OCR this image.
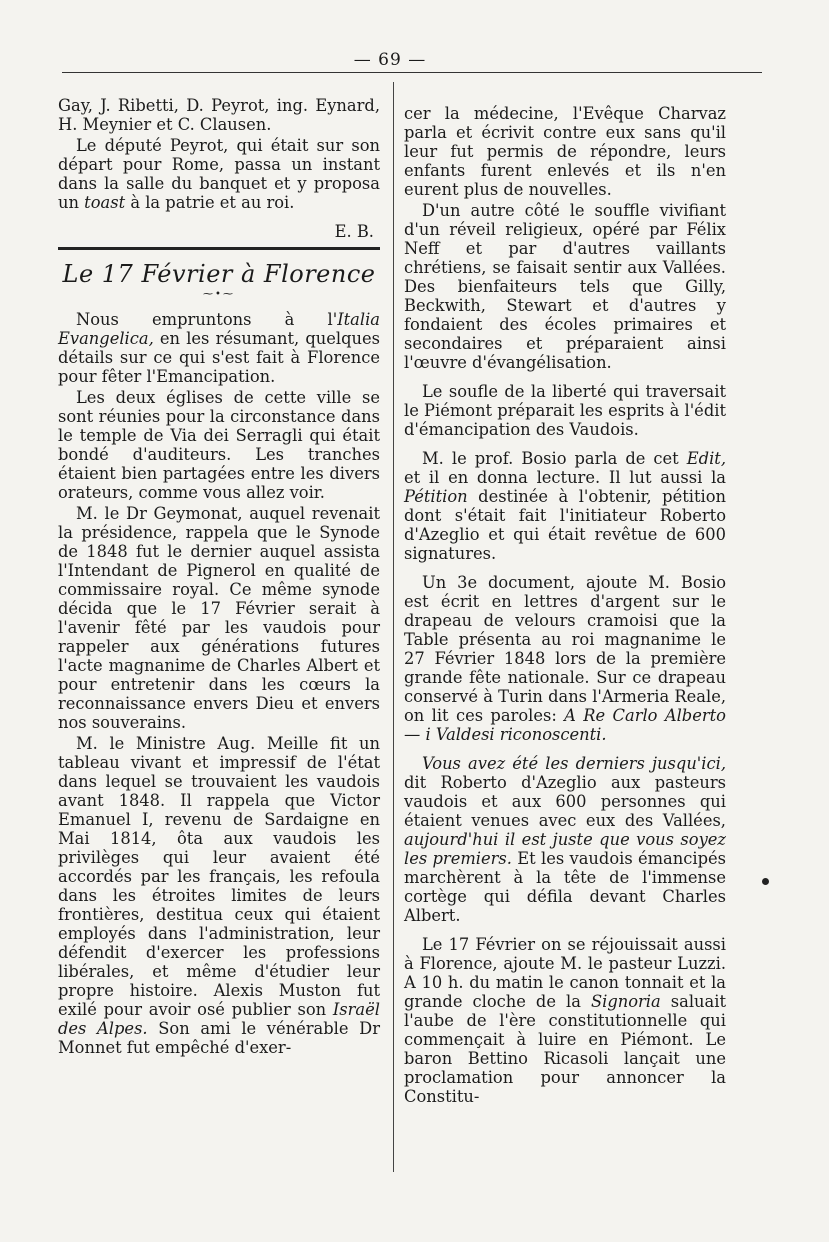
— 69 —

Gay, J. Ribetti, D. Peyrot, ing. Eynard, H. Meynier et C. Clausen.

Le député Peyrot, qui était sur son départ pour Rome, passa un instant dans la salle du banquet et y proposa un toast à la patrie et au roi.

E. B.
Le 17 Février à Florence
⁓•⁓

Nous empruntons à l'Italia Evangelica, en les résumant, quelques détails sur ce qui s'est fait à Florence pour fêter l'Emancipation.

Les deux églises de cette ville se sont réunies pour la circonstance dans le temple de Via dei Serragli qui était bondé d'auditeurs. Les tranches étaient bien partagées entre les divers orateurs, comme vous allez voir.

M. le Dr Geymonat, auquel revenait la présidence, rappela que le Synode de 1848 fut le dernier auquel assista l'Intendant de Pignerol en qualité de commissaire royal. Ce même synode décida que le 17 Février serait à l'avenir fêté par les vaudois pour rappeler aux générations futures l'acte magnanime de Charles Albert et pour entretenir dans les cœurs la reconnaissance envers Dieu et envers nos souverains.

M. le Ministre Aug. Meille fit un tableau vivant et impressif de l'état dans lequel se trouvaient les vaudois avant 1848. Il rappela que Victor Emanuel I, revenu de Sardaigne en Mai 1814, ôta aux vaudois les privilèges qui leur avaient été accordés par les français, les refoula dans les étroites limites de leurs frontières, destitua ceux qui étaient employés dans l'administration, leur défendit d'exercer les professions libérales, et même d'étudier leur propre histoire. Alexis Muston fut exilé pour avoir osé publier son Israël des Alpes. Son ami le vénérable Dr Monnet fut empêché d'exer-

cer la médecine, l'Evêque Charvaz parla et écrivit contre eux sans qu'il leur fut permis de répondre, leurs enfants furent enlevés et ils n'en eurent plus de nouvelles.

D'un autre côté le souffle vivifiant d'un réveil religieux, opéré par Félix Neff et par d'autres vaillants chrétiens, se faisait sentir aux Vallées. Des bienfaiteurs tels que Gilly, Beckwith, Stewart et d'autres y fondaient des écoles primaires et secondaires et préparaient ainsi l'œuvre d'évangélisation.

Le soufle de la liberté qui traversait le Piémont préparait les esprits à l'édit d'émancipation des Vaudois.

M. le prof. Bosio parla de cet Edit, et il en donna lecture. Il lut aussi la Pétition destinée à l'obtenir, pétition dont s'était fait l'initiateur Roberto d'Azeglio et qui était revêtue de 600 signatures.

Un 3e document, ajoute M. Bosio est écrit en lettres d'argent sur le drapeau de velours cramoisi que la Table présenta au roi magnanime le 27 Février 1848 lors de la première grande fête nationale. Sur ce drapeau conservé à Turin dans l'Armeria Reale, on lit ces paroles: A Re Carlo Alberto — i Valdesi riconoscenti.

Vous avez été les derniers jusqu'ici, dit Roberto d'Azeglio aux pasteurs vaudois et aux 600 personnes qui étaient venues avec eux des Vallées, aujourd'hui il est juste que vous soyez les premiers. Et les vaudois émancipés marchèrent à la tête de l'immense cortège qui défila devant Charles Albert.

Le 17 Février on se réjouissait aussi à Florence, ajoute M. le pasteur Luzzi. A 10 h. du matin le canon tonnait et la grande cloche de la Signoria saluait l'aube de l'ère constitutionnelle qui commençait à luire en Piémont. Le baron Bettino Ricasoli lançait une proclamation pour annoncer la Constitu-
